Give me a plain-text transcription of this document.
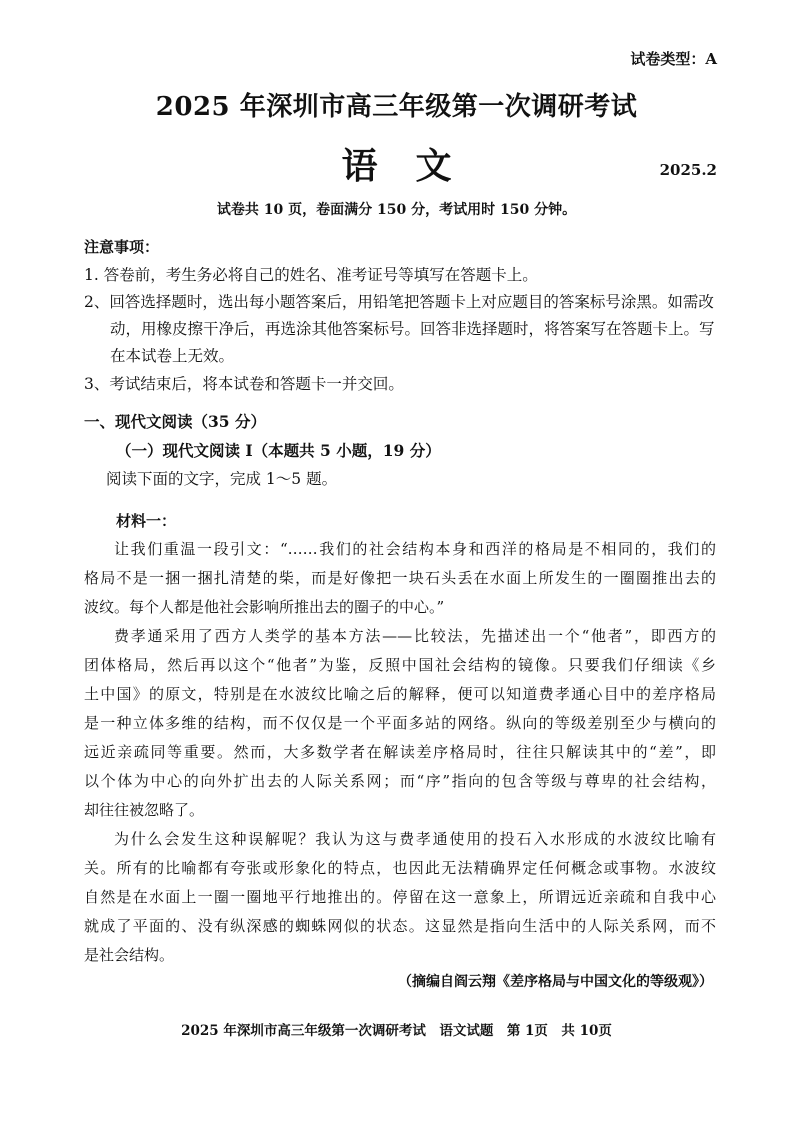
试卷类型：A
2025 年深圳市高三年级第一次调研考试
语文	2025.2
试卷共 10 页，卷面满分 150 分，考试用时 150 分钟。
注意事项：
1. 答卷前，考生务必将自己的姓名、准考证号等填写在答题卡上。
2、回答选择题时，选出每小题答案后，用铅笔把答题卡上对应题目的答案标号涂黑。如需改
动，用橡皮擦干净后，再选涂其他答案标号。回答非选择题时，将答案写在答题卡上。写
在本试卷上无效。
3、考试结束后，将本试卷和答题卡一并交回。
一、现代文阅读（35 分）
（一）现代文阅读 I（本题共 5 小题，19 分）
阅读下面的文字，完成 1～5 题。
材料一：

让我们重温一段引文：“……我们的社会结构本身和西洋的格局是不相同的，我们的

格局不是一捆一捆扎清楚的柴，而是好像把一块石头丢在水面上所发生的一圈圈推出去的

波纹。每个人都是他社会影响所推出去的圈子的中心。”

费孝通采用了西方人类学的基本方法——比较法，先描述出一个“他者”，即西方的

团体格局，然后再以这个“他者”为鉴，反照中国社会结构的镜像。只要我们仔细读《乡

土中国》的原文，特别是在水波纹比喻之后的解释，便可以知道费孝通心目中的差序格局

是一种立体多维的结构，而不仅仅是一个平面多站的网络。纵向的等级差别至少与横向的

远近亲疏同等重要。然而，大多数学者在解读差序格局时，往往只解读其中的“差”，即

以个体为中心的向外扩出去的人际关系网；而“序”指向的包含等级与尊卑的社会结构，

却往往被忽略了。

为什么会发生这种误解呢？我认为这与费孝通使用的投石入水形成的水波纹比喻有

关。所有的比喻都有夸张或形象化的特点，也因此无法精确界定任何概念或事物。水波纹

自然是在水面上一圈一圈地平行地推出的。停留在这一意象上，所谓远近亲疏和自我中心

就成了平面的、没有纵深感的蜘蛛网似的状态。这显然是指向生活中的人际关系网，而不

是社会结构。

（摘编自阎云翔《差序格局与中国文化的等级观》）
2025 年深圳市高三年级第一次调研考试　语文试题　第 1页　共 10页
